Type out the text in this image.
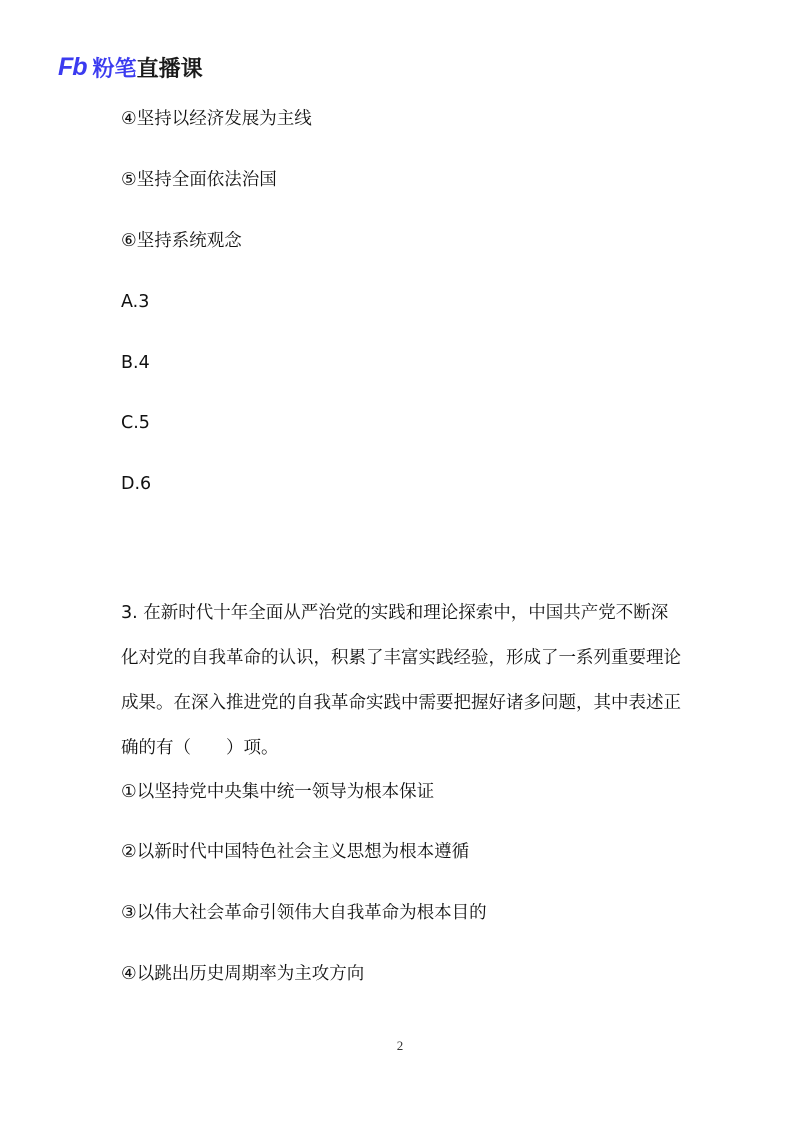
Fb 粉笔 直播课
④坚持以经济发展为主线
⑤坚持全面依法治国
⑥坚持系统观念
A.3
B.4
C.5
D.6

3. 在新时代十年全面从严治党的实践和理论探索中，中国共产党不断深化对党的自我革命的认识，积累了丰富实践经验，形成了一系列重要理论成果。在深入推进党的自我革命实践中需要把握好诸多问题，其中表述正确的有（　　）项。

①以坚持党中央集中统一领导为根本保证
②以新时代中国特色社会主义思想为根本遵循
③以伟大社会革命引领伟大自我革命为根本目的
④以跳出历史周期率为主攻方向
2
